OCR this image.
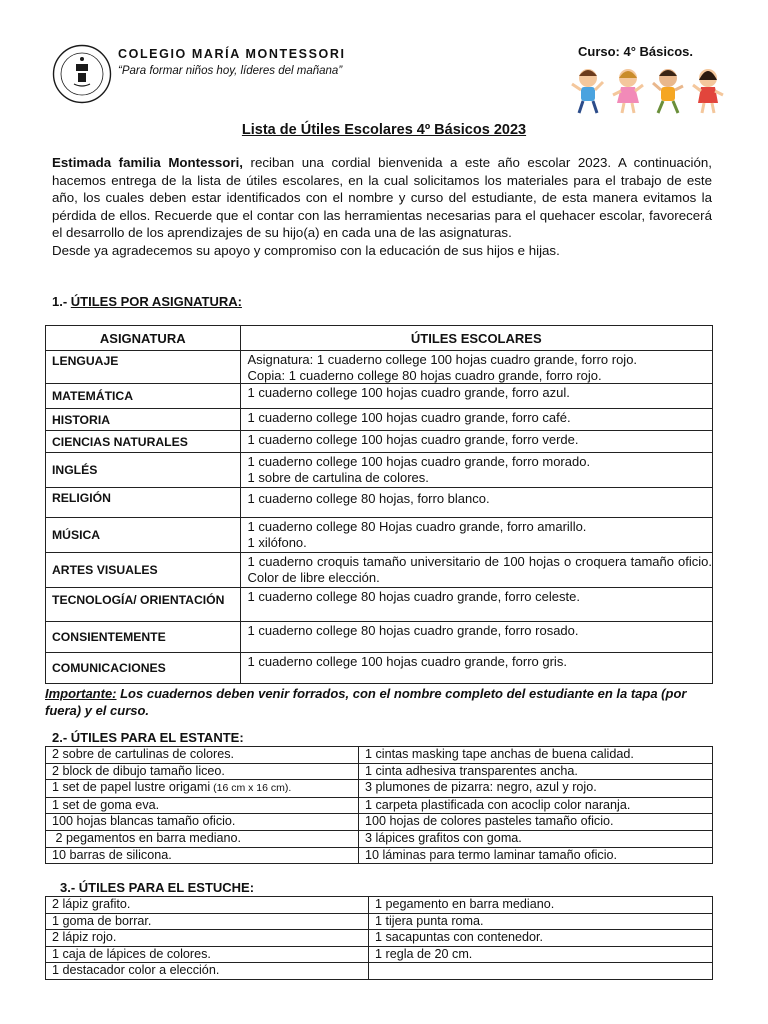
COLEGIO MARÍA MONTESSORI
“Para formar niños hoy, líderes del mañana”
Curso: 4° Básicos.
Lista de Útiles Escolares 4º Básicos 2023

Estimada familia Montessori, reciban una cordial bienvenida a este año escolar 2023. A continuación, hacemos entrega de la lista de útiles escolares, en la cual solicitamos los materiales para el trabajo de este año, los cuales deben estar identificados con el nombre y curso del estudiante, de esta manera evitamos la pérdida de ellos. Recuerde que el contar con las herramientas necesarias para el quehacer escolar, favorecerá el desarrollo de los aprendizajes de su hijo(a) en cada una de las asignaturas.

Desde ya agradecemos su apoyo y compromiso con la educación de sus hijos e hijas.

1.- ÚTILES POR ASIGNATURA:
ASIGNATURA	ÚTILES ESCOLARES
LENGUAJE	Asignatura: 1 cuaderno college 100 hojas cuadro grande, forro rojo.
Copia: 1 cuaderno college 80 hojas cuadro grande, forro rojo.

MATEMÁTICA	1 cuaderno college 100 hojas cuadro grande, forro azul.

HISTORIA	1 cuaderno college 100 hojas cuadro grande, forro café.

CIENCIAS NATURALES	1 cuaderno college 100 hojas cuadro grande, forro verde.

INGLÉS	1 cuaderno college 100 hojas cuadro grande, forro morado.
1 sobre de cartulina de colores.

RELIGIÓN	1 cuaderno college 80 hojas, forro blanco.

MÚSICA	1 cuaderno college 80 Hojas cuadro grande, forro amarillo.
1 xilófono.

ARTES VISUALES	1 cuaderno croquis tamaño universitario de 100 hojas o croquera tamaño oficio. Color de libre elección.

TECNOLOGÍA/ ORIENTACIÓN	1 cuaderno college 80 hojas cuadro grande, forro celeste.

CONSIENTEMENTE	1 cuaderno college 80 hojas cuadro grande, forro rosado.

COMUNICACIONES	1 cuaderno college 100 hojas cuadro grande, forro gris.
Importante: Los cuadernos deben venir forrados, con el nombre completo del estudiante en la tapa (por fuera) y el curso.
2.- ÚTILES PARA EL ESTANTE:
2 sobre de cartulinas de colores.	1 cintas masking tape anchas de buena calidad.
2 block de dibujo tamaño liceo.	1 cinta adhesiva transparentes ancha.
1 set de papel lustre origami (16 cm x 16 cm).	3 plumones de pizarra: negro, azul y rojo.
1 set de goma eva.	1 carpeta plastificada con acoclip color naranja.
100 hojas blancas tamaño oficio.	100 hojas de colores pasteles tamaño oficio.
2 pegamentos en barra mediano.	3 lápices grafitos con goma.
10 barras de silicona.	10 láminas para termo laminar tamaño oficio.
3.- ÚTILES PARA EL ESTUCHE:
2 lápiz grafito.	1 pegamento en barra mediano.
1 goma de borrar.	1 tijera punta roma.
2 lápiz rojo.	1 sacapuntas con contenedor.
1 caja de lápices de colores.	1 regla de 20 cm.
1 destacador color a elección.	
